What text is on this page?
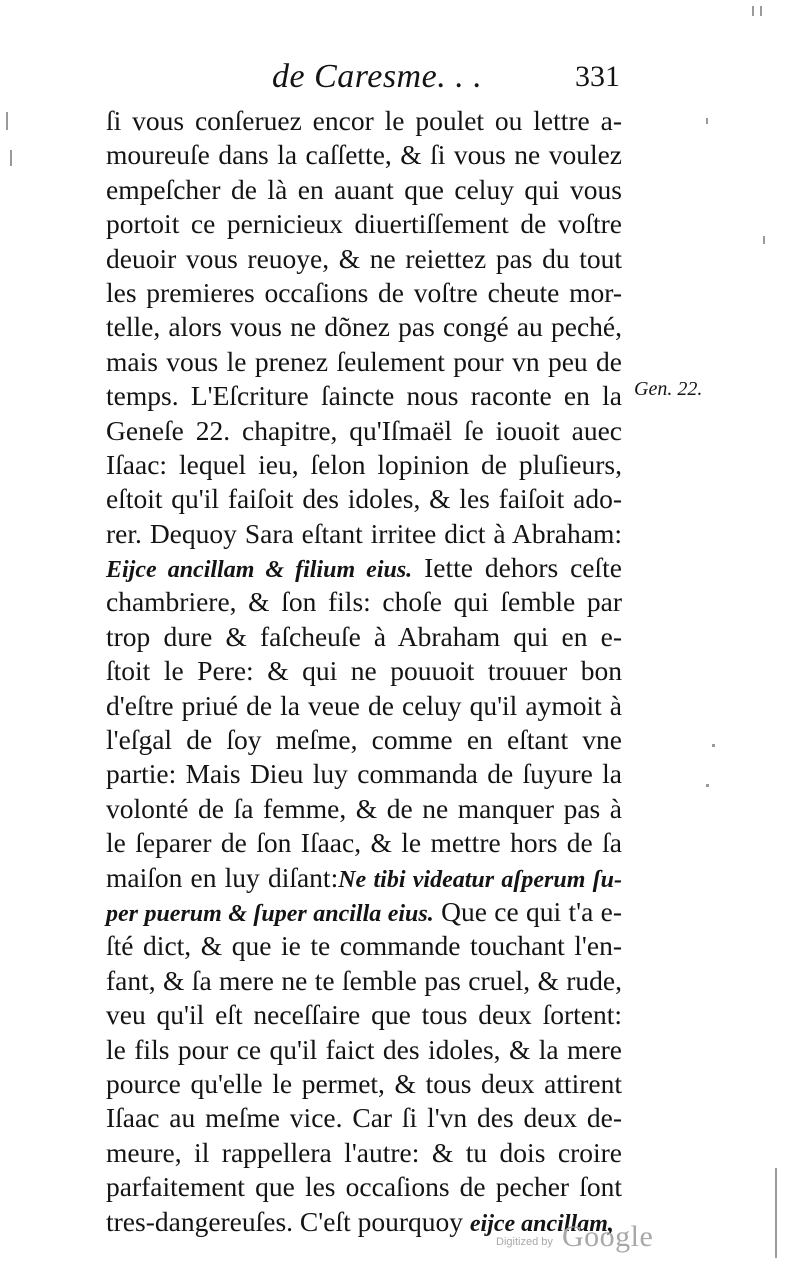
de Caresme. . .	331
ſi vous conſeruez encor le poulet ou lettre a-
moureuſe dans la caſſette, & ſi vous ne voulez
empeſcher de là en auant que celuy qui vous
portoit ce pernicieux diuertiſſement de voſtre
deuoir vous reuoye, & ne reiettez pas du tout
les premieres occaſions de voſtre cheute mor-
telle, alors vous ne dõnez pas congé au peché,
mais vous le prenez ſeulement pour vn peu de
temps. L'Eſcriture ſaincte nous raconte en la
Geneſe 22. chapitre, qu'Iſmaël ſe iouoit auec
Iſaac: lequel ieu, ſelon lopinion de pluſieurs,
eſtoit qu'il faiſoit des idoles, & les faiſoit ado-
rer. Dequoy Sara eſtant irritee dict à Abraham:
Eijce ancillam & filium eius. Iette dehors ceſte
chambriere, & ſon fils: choſe qui ſemble par
trop dure & faſcheuſe à Abraham qui en e-
ſtoit le Pere: & qui ne pouuoit trouuer bon
d'eſtre priué de la veue de celuy qu'il aymoit à
l'eſgal de ſoy meſme, comme en eſtant vne
partie: Mais Dieu luy commanda de ſuyure la
volonté de ſa femme, & de ne manquer pas à
le ſeparer de ſon Iſaac, & le mettre hors de ſa
maiſon en luy diſant:Ne tibi videatur aſperum ſu-
per puerum & ſuper ancilla eius. Que ce qui t'a e-
ſté dict, & que ie te commande touchant l'en-
fant, & ſa mere ne te ſemble pas cruel, & rude,
veu qu'il eſt neceſſaire que tous deux ſortent:
le fils pour ce qu'il faict des idoles, & la mere
pource qu'elle le permet, & tous deux attirent
Iſaac au meſme vice. Car ſi l'vn des deux de-
meure, il rappellera l'autre: & tu dois croire
parfaitement que les occaſions de pecher ſont
tres-dangereuſes. C'eſt pourquoy eijce ancillam,
Gen. 22.
Digitized by Google
